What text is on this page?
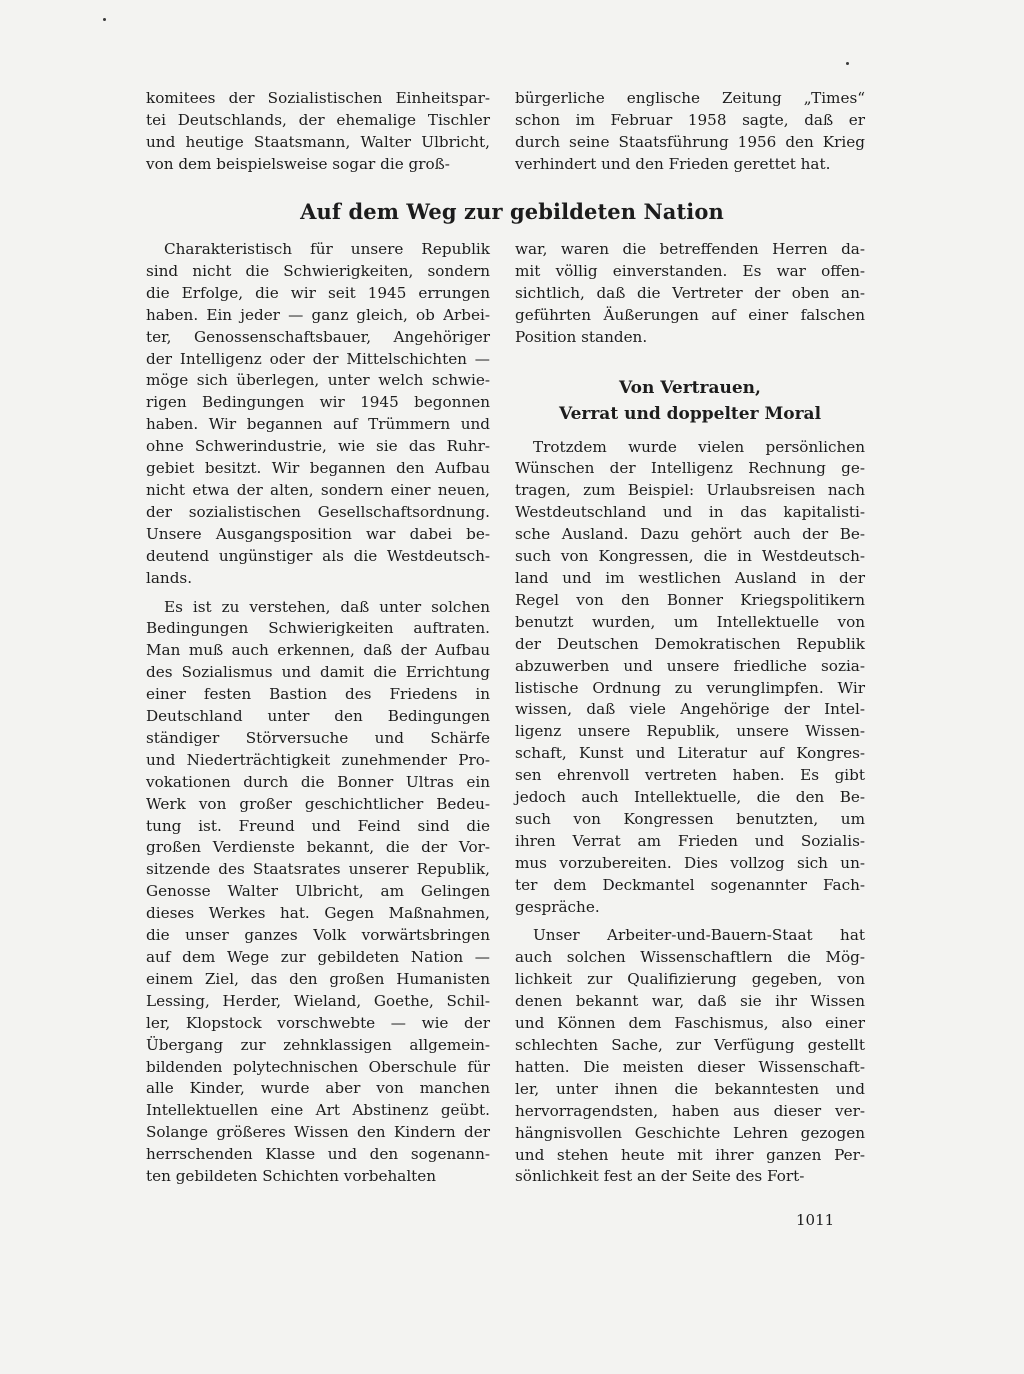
komitees der Sozialistischen Einheitspar-
tei Deutschlands, der ehemalige Tischler
und heutige Staatsmann, Walter Ulbricht,
von dem beispielsweise sogar die groß-
bürgerliche englische Zeitung „Times“
schon im Februar 1958 sagte, daß er
durch seine Staatsführung 1956 den Krieg
verhindert und den Frieden gerettet hat.
Auf dem Weg zur gebildeten Nation

Charakteristisch für unsere Republik
sind nicht die Schwierigkeiten, sondern
die Erfolge, die wir seit 1945 errungen
haben. Ein jeder — ganz gleich, ob Arbei-
ter, Genossenschaftsbauer, Angehöriger
der Intelligenz oder der Mittelschichten —
möge sich überlegen, unter welch schwie-
rigen Bedingungen wir 1945 begonnen
haben. Wir begannen auf Trümmern und
ohne Schwerindustrie, wie sie das Ruhr-
gebiet besitzt. Wir begannen den Aufbau
nicht etwa der alten, sondern einer neuen,
der sozialistischen Gesellschaftsordnung.
Unsere Ausgangsposition war dabei be-
deutend ungünstiger als die Westdeutsch-
lands.

Es ist zu verstehen, daß unter solchen
Bedingungen Schwierigkeiten auftraten.
Man muß auch erkennen, daß der Aufbau
des Sozialismus und damit die Errichtung
einer festen Bastion des Friedens in
Deutschland unter den Bedingungen
ständiger Störversuche und Schärfe
und Niederträchtigkeit zunehmender Pro-
vokationen durch die Bonner Ultras ein
Werk von großer geschichtlicher Bedeu-
tung ist. Freund und Feind sind die
großen Verdienste bekannt, die der Vor-
sitzende des Staatsrates unserer Republik,
Genosse Walter Ulbricht, am Gelingen
dieses Werkes hat. Gegen Maßnahmen,
die unser ganzes Volk vorwärtsbringen
auf dem Wege zur gebildeten Nation —
einem Ziel, das den großen Humanisten
Lessing, Herder, Wieland, Goethe, Schil-
ler, Klopstock vorschwebte — wie der
Übergang zur zehnklassigen allgemein-
bildenden polytechnischen Oberschule für
alle Kinder, wurde aber von manchen
Intellektuellen eine Art Abstinenz geübt.
Solange größeres Wissen den Kindern der
herrschenden Klasse und den sogenann-
ten gebildeten Schichten vorbehalten

war, waren die betreffenden Herren da-
mit völlig einverstanden. Es war offen-
sichtlich, daß die Vertreter der oben an-
geführten Äußerungen auf einer falschen
Position standen.
Von Vertrauen,
Verrat und doppelter Moral

Trotzdem wurde vielen persönlichen
Wünschen der Intelligenz Rechnung ge-
tragen, zum Beispiel: Urlaubsreisen nach
Westdeutschland und in das kapitalisti-
sche Ausland. Dazu gehört auch der Be-
such von Kongressen, die in Westdeutsch-
land und im westlichen Ausland in der
Regel von den Bonner Kriegspolitikern
benutzt wurden, um Intellektuelle von
der Deutschen Demokratischen Republik
abzuwerben und unsere friedliche sozia-
listische Ordnung zu verunglimpfen. Wir
wissen, daß viele Angehörige der Intel-
ligenz unsere Republik, unsere Wissen-
schaft, Kunst und Literatur auf Kongres-
sen ehrenvoll vertreten haben. Es gibt
jedoch auch Intellektuelle, die den Be-
such von Kongressen benutzten, um
ihren Verrat am Frieden und Sozialis-
mus vorzubereiten. Dies vollzog sich un-
ter dem Deckmantel sogenannter Fach-
gespräche.

Unser Arbeiter-und-Bauern-Staat hat
auch solchen Wissenschaftlern die Mög-
lichkeit zur Qualifizierung gegeben, von
denen bekannt war, daß sie ihr Wissen
und Können dem Faschismus, also einer
schlechten Sache, zur Verfügung gestellt
hatten. Die meisten dieser Wissenschaft-
ler, unter ihnen die bekanntesten und
hervorragendsten, haben aus dieser ver-
hängnisvollen Geschichte Lehren gezogen
und stehen heute mit ihrer ganzen Per-
sönlichkeit fest an der Seite des Fort-

1011
